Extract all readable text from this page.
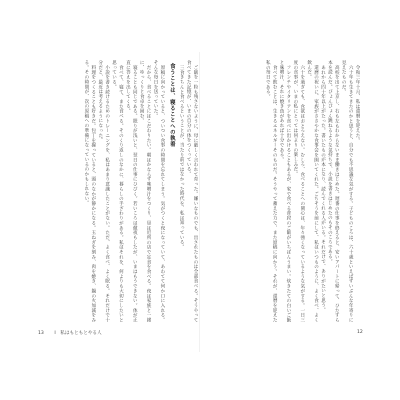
ご飯を一粒も残さないように、母に厳しく言われて育った。嫌いなものでも、出されたものは全部食べる。そうやって食べてきた記憶が、いまの自分の体をつくっている。

三食きちんと食べるということが、当たり前ではなかった時代を、私は知っている。

食うことは、寝ることへの執着

原稿に向かっていると、ついつい食事の時間を忘れてしまう。気がつくと夜になっていて、あわてて何か口に入れる。そんな毎日を送っていた。

だから、食べることにはこだわりたい。朝はかならず味噌汁をつくり、昼は近所の店で定食を食べる。夜は家族と一緒に、ゆっくりと食卓を囲む。

寝ることも同じである。眠りが浅いと、翌日の仕事にひびく。若いころは徹夜もしたが、いまはもうできない。体が正直に答えを出してくる。

食べて、寝て、また食べる。そのくり返しのなかに、暮らしの手ざわりがある。私はそれを、何よりも大切にしたいと思っている。

小説を書き続けるためのトレーニングを、私はあまり意識したことがない。ただ、よく食べ、よく眠る。それだけで十分だと、最近は考えるようになった。

料理をつくることも好きだ。包丁を握っていると、頭のなかが静かになる。玉ねぎを刻み、肉を焼き、鍋の火加減をみる。その時間が、次の原稿への準備になっているのかもしれない。	令和三年十月、私は還暦を迎えた。

六十年も生きてきたのかと思うと、自分でも不思議な気がする。子どものころは、六十歳といえばずいぶんな年寄りに見えたものだ。

高校を出て上京し、右も左もわからないまま働きはじめた。遅番の仕事を終えると、安いアパートに帰って、ひたすら本を読んだ。ぴょんぴょん跳ねるような気持ちで、小説を書きはじめたのもそのころである。

あれから四十年以上がたった。書いたものが本になり、読んでくれる人がいる。それだけで、ありがたいと思う。

還暦の祝いに、家族がささやかな食事会を開いてくれた。ごちそうを前にして、私はいつものように、よく食べ、よく飲んだ。

六十を過ぎても、食欲はおとろえない。むしろ、食べることへの関心は、年々強くなっているような気がする。一日三度の食事が、いまの私にとっては何よりの楽しみだ。

フレンチやイタリアンを食べに出かけることもあるが、家で食べる普段のご飯がいちばんうまい。炊きたての白いご飯と味噌汁、それに焼き魚があれば十分である。

食べて飲むことは、生きるエネルギーそのものだ。そうやって蓄えた力で、また原稿に向かう。それが、還暦を迎えた私の毎日である。

13 Ⅰ　私はもともとやる人	12
